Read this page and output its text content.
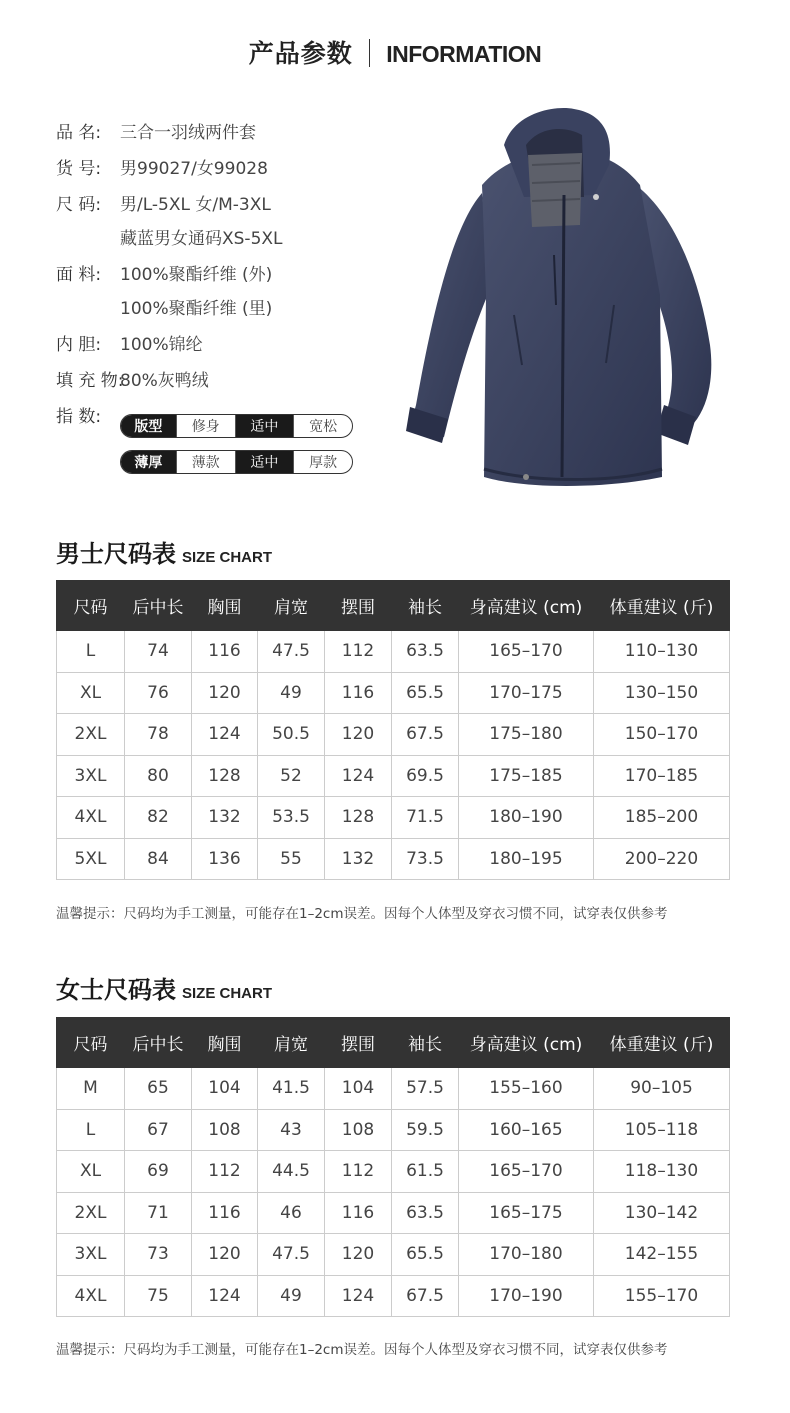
产品参数 INFORMATION
品 名: 三合一羽绒两件套
货 号: 男99027/女99028
尺 码: 男/L-5XL 女/M-3XL
藏蓝男女通码XS-5XL
面 料: 100%聚酯纤维 (外)
100%聚酯纤维 (里)
内 胆: 100%锦纶
填 充 物:
80%灰鸭绒
指 数:	版型	修身	适中	宽松
薄厚	薄款	适中	厚款
男士尺码表 SIZE CHART
尺码	后中长	胸围	肩宽	摆围	袖长	身高建议 (cm)	体重建议 (斤)
L	74	116	47.5	112	63.5	165–170	110–130
XL	76	120	49	116	65.5	170–175	130–150
2XL	78	124	50.5	120	67.5	175–180	150–170
3XL	80	128	52	124	69.5	175–185	170–185
4XL	82	132	53.5	128	71.5	180–190	185–200
5XL	84	136	55	132	73.5	180–195	200–220
温馨提示：尺码均为手工测量，可能存在1–2cm误差。因每个人体型及穿衣习惯不同，试穿表仅供参考
女士尺码表 SIZE CHART
尺码	后中长	胸围	肩宽	摆围	袖长	身高建议 (cm)	体重建议 (斤)
M	65	104	41.5	104	57.5	155–160	90–105
L	67	108	43	108	59.5	160–165	105–118
XL	69	112	44.5	112	61.5	165–170	118–130
2XL	71	116	46	116	63.5	165–175	130–142
3XL	73	120	47.5	120	65.5	170–180	142–155
4XL	75	124	49	124	67.5	170–190	155–170
温馨提示：尺码均为手工测量，可能存在1–2cm误差。因每个人体型及穿衣习惯不同，试穿表仅供参考
